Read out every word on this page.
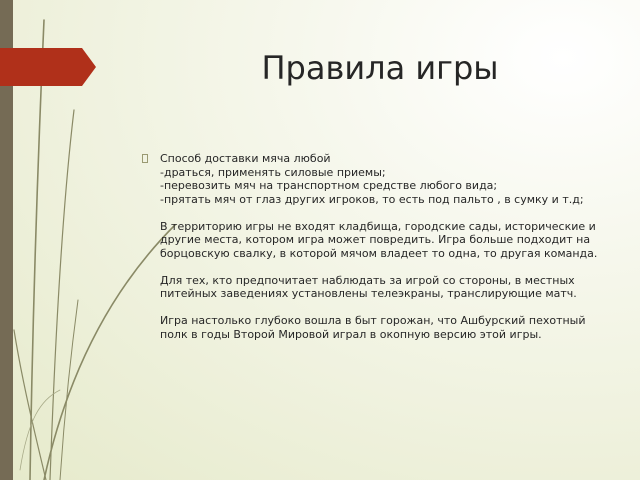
Правила игры

Способ доставки мяча любой
-драться, применять силовые приемы;
-перевозить мяч на транспортном средстве любого вида;
-прятать мяч от глаз других игроков, то есть под пальто , в сумку и т.д;

В территорию игры не входят кладбища, городские сады, исторические и другие места, котором игра может повредить. Игра больше подходит на борцовскую свалку, в которой мячом владеет то одна, то другая команда.

Для тех, кто предпочитает наблюдать за игрой со стороны, в местных питейных заведениях установлены телеэкраны, транслирующие матч.

Игра настолько глубоко вошла в быт горожан, что Ашбурский пехотный полк в годы Второй Мировой играл в окопную версию этой игры.
